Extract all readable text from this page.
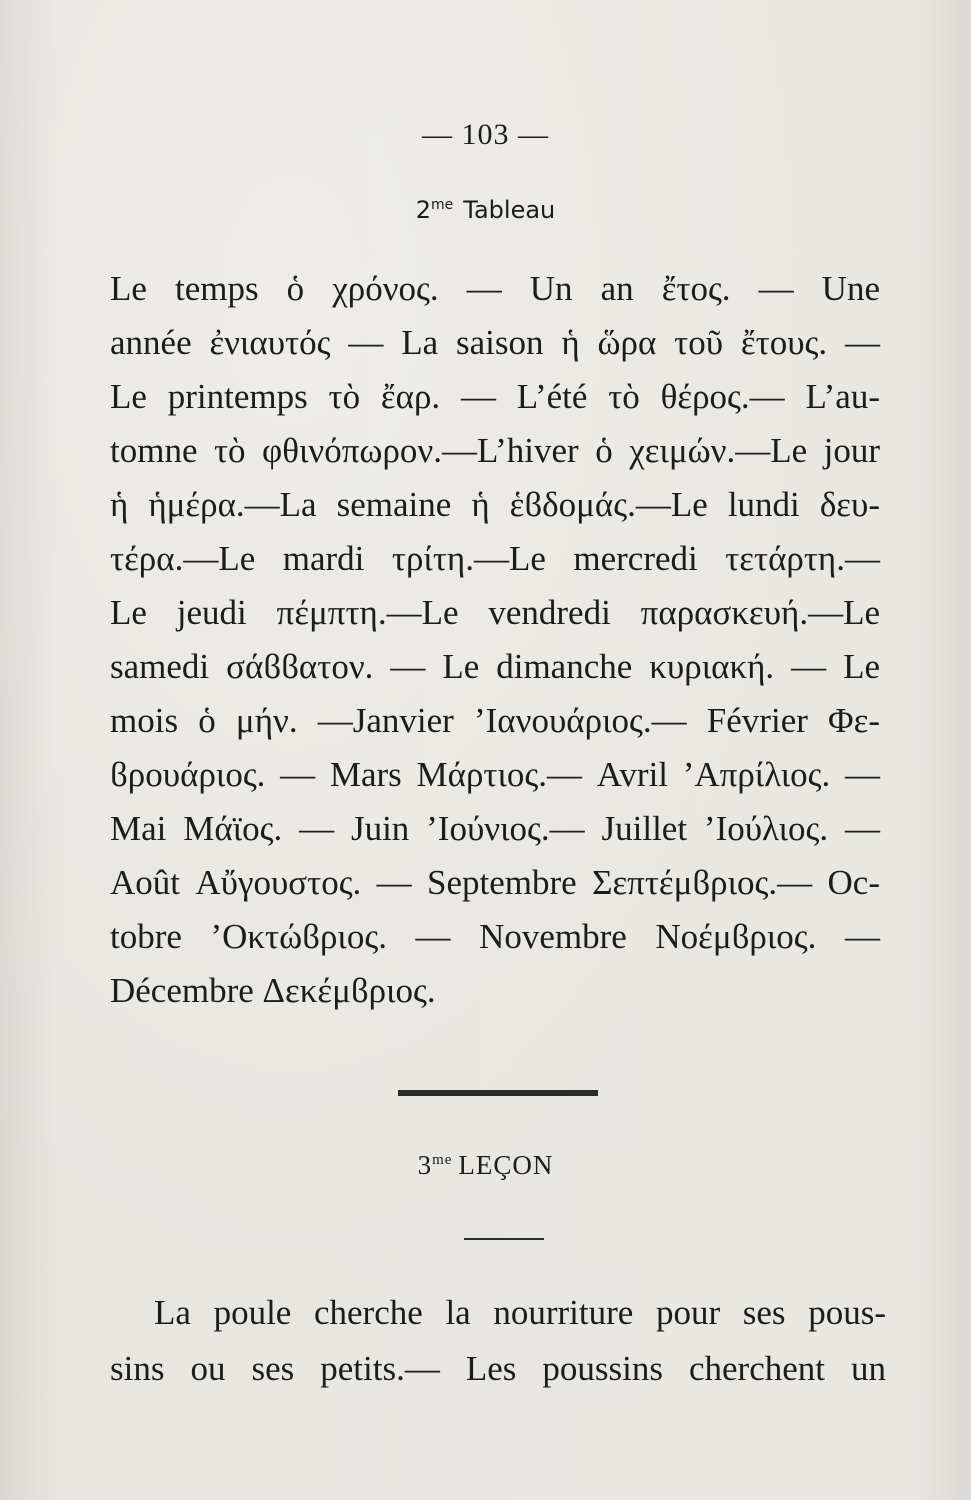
— 103 —
$2^{me}$ Tableau
Le temps ὁ χρόνος. — Un an ἔτος. — Une
année ἐνιαυτός — La saison ἡ ὥρα τοῦ ἔτους. —
Le printemps τὸ ἔαρ. — L’été τὸ θέρος.— L’au-
tomne τὸ φθινόπωρον.—L’hiver ὁ χειμών.—Le jour
ἡ ἡμέρα.—La semaine ἡ ἑϐδομάς.—Le lundi δευ-
τέρα.—Le mardi τρίτη.—Le mercredi τετάρτη.—
Le jeudi πέμπτη.—Le vendredi παρασκευή.—Le
samedi σάϐϐατον. — Le dimanche κυριακή. — Le
mois ὁ μήν. —Janvier ’Ιανουάριος.— Février Φε-
ϐρουάριος. — Mars Μάρτιος.— Avril ’Απρίλιος. —
Mai Μάϊος. — Juin ’Ιούνιος.— Juillet ’Ιούλιος. —
Août Αὔγουστος. — Septembre Σεπτέμϐριος.— Oc-
tobre ’Οκτώϐριος. — Novembre Νοέμϐριος. —
Décembre Δεκέμϐριος.
$3^{me}$ LEÇON
La poule cherche la nourriture pour ses pous-
sins ou ses petits.— Les poussins cherchent un
